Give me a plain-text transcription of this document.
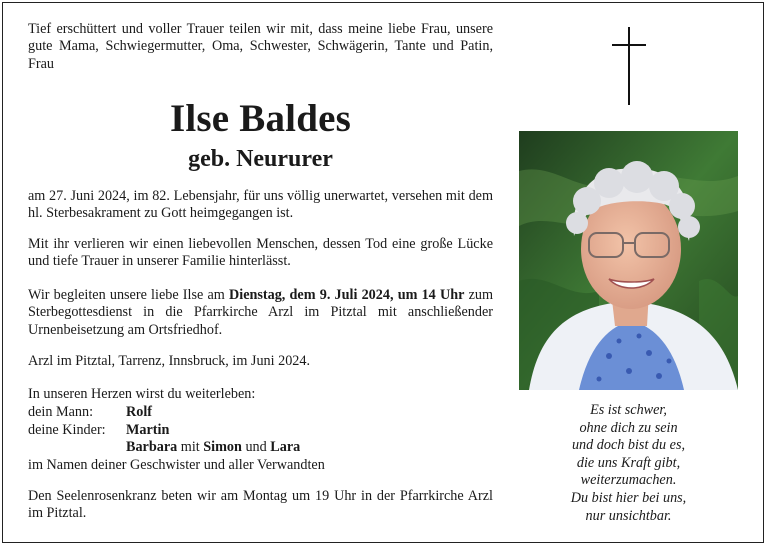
Tief erschüttert und voller Trauer teilen wir mit, dass meine liebe Frau, unsere gute Mama, Schwiegermutter, Oma, Schwester, Schwägerin, Tante und Patin, Frau
Ilse Baldes
geb. Neururer
am 27. Juni 2024, im 82. Lebensjahr, für uns völlig unerwartet, versehen mit dem hl. Sterbesakrament zu Gott heimgegangen ist.
Mit ihr verlieren wir einen liebevollen Menschen, dessen Tod eine große Lücke und tiefe Trauer in unserer Familie hinterlässt.
Wir begleiten unsere liebe Ilse am Dienstag, dem 9. Juli 2024, um 14 Uhr zum Sterbegottesdienst in die Pfarrkirche Arzl im Pitztal mit anschließender Urnenbeisetzung am Ortsfriedhof.
Arzl im Pitztal, Tarrenz, Innsbruck, im Juni 2024.
In unseren Herzen wirst du weiterleben:
dein Mann:	Rolf
deine Kinder:	Martin
Barbara mit Simon und Lara
im Namen deiner Geschwister und aller Verwandten
Den Seelenrosenkranz beten wir am Montag um 19 Uhr in der Pfarrkirche Arzl im Pitztal.
Es ist schwer,
ohne dich zu sein
und doch bist du es,
die uns Kraft gibt,
weiterzumachen.
Du bist hier bei uns,
nur unsichtbar.
